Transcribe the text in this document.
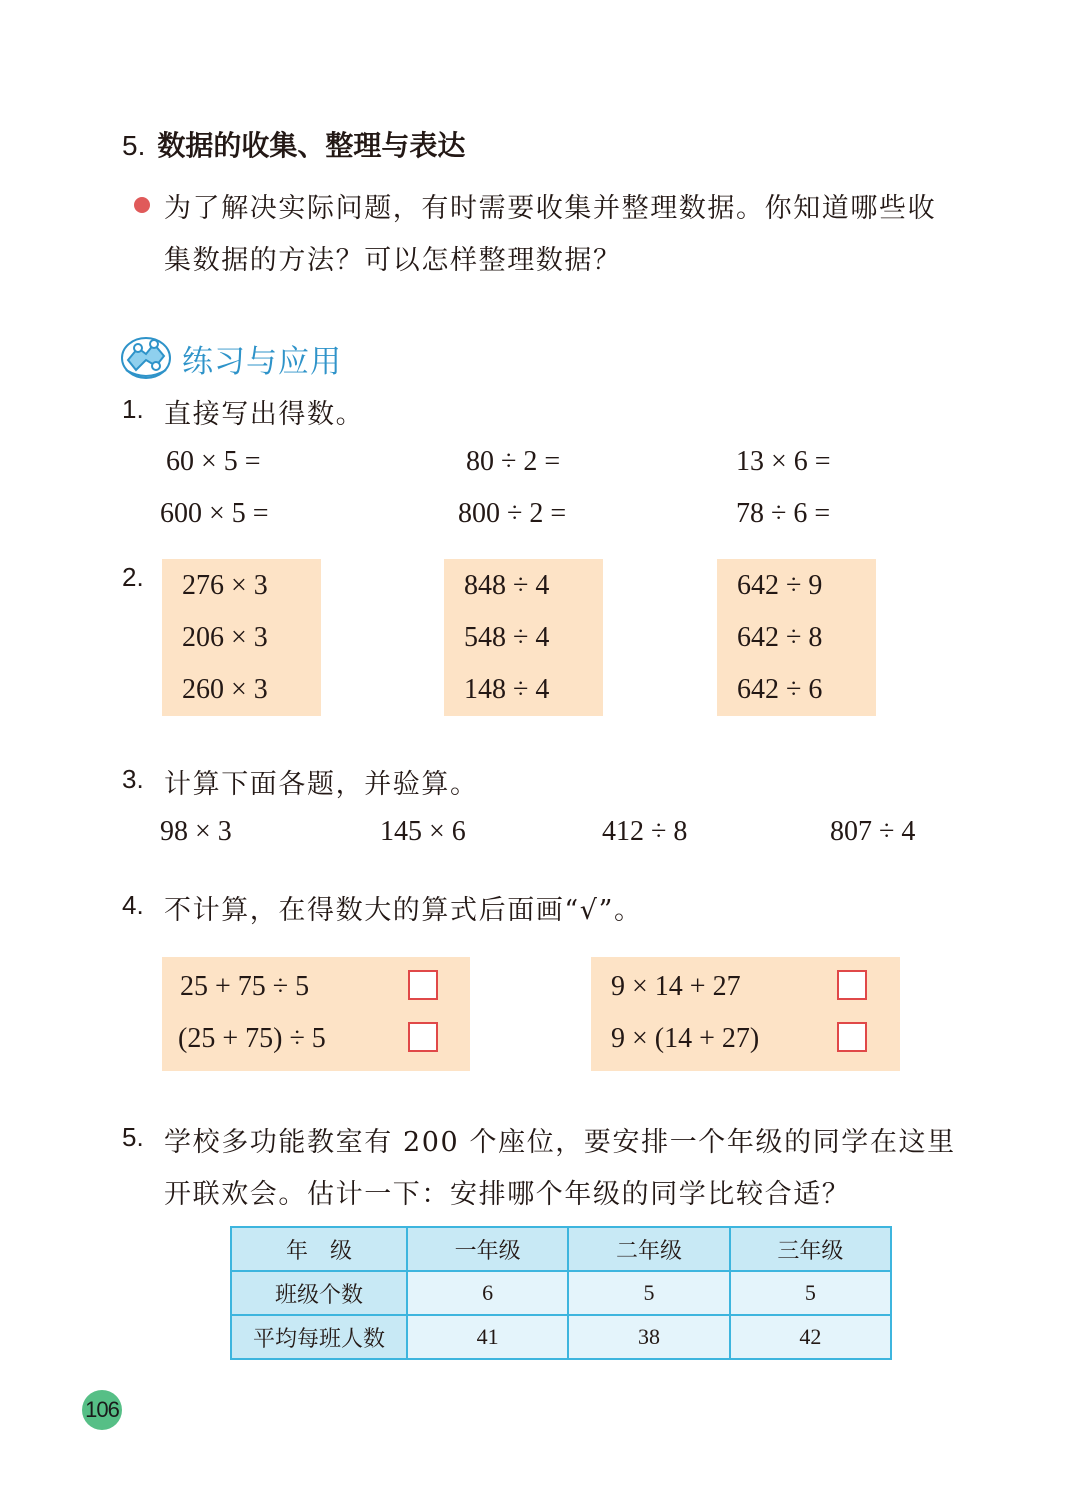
5. 数据的收集、整理与表达
为了解决实际问题，有时需要收集并整理数据。你知道哪些收
集数据的方法？可以怎样整理数据？
练习与应用
1. 直接写出得数。
60 × 5 =	80 ÷ 2 =	13 × 6 =
600 × 5 =	800 ÷ 2 =	78 ÷ 6 =
2. 276 × 3
206 × 3
260 × 3
848 ÷ 4
548 ÷ 4
148 ÷ 4
642 ÷ 9
642 ÷ 8
642 ÷ 6
3. 计算下面各题，并验算。
98 × 3	145 × 6	412 ÷ 8	807 ÷ 4
4. 不计算，在得数大的算式后面画“√”。
25 + 75 ÷ 5
(25 + 75) ÷ 5
9 × 14 + 27
9 × (14 + 27)
5. 学校多功能教室有 200 个座位，要安排一个年级的同学在这里
开联欢会。估计一下：安排哪个年级的同学比较合适？
年　级	一年级	二年级	三年级
班级个数	6	5	5
平均每班人数	41	38	42
106
